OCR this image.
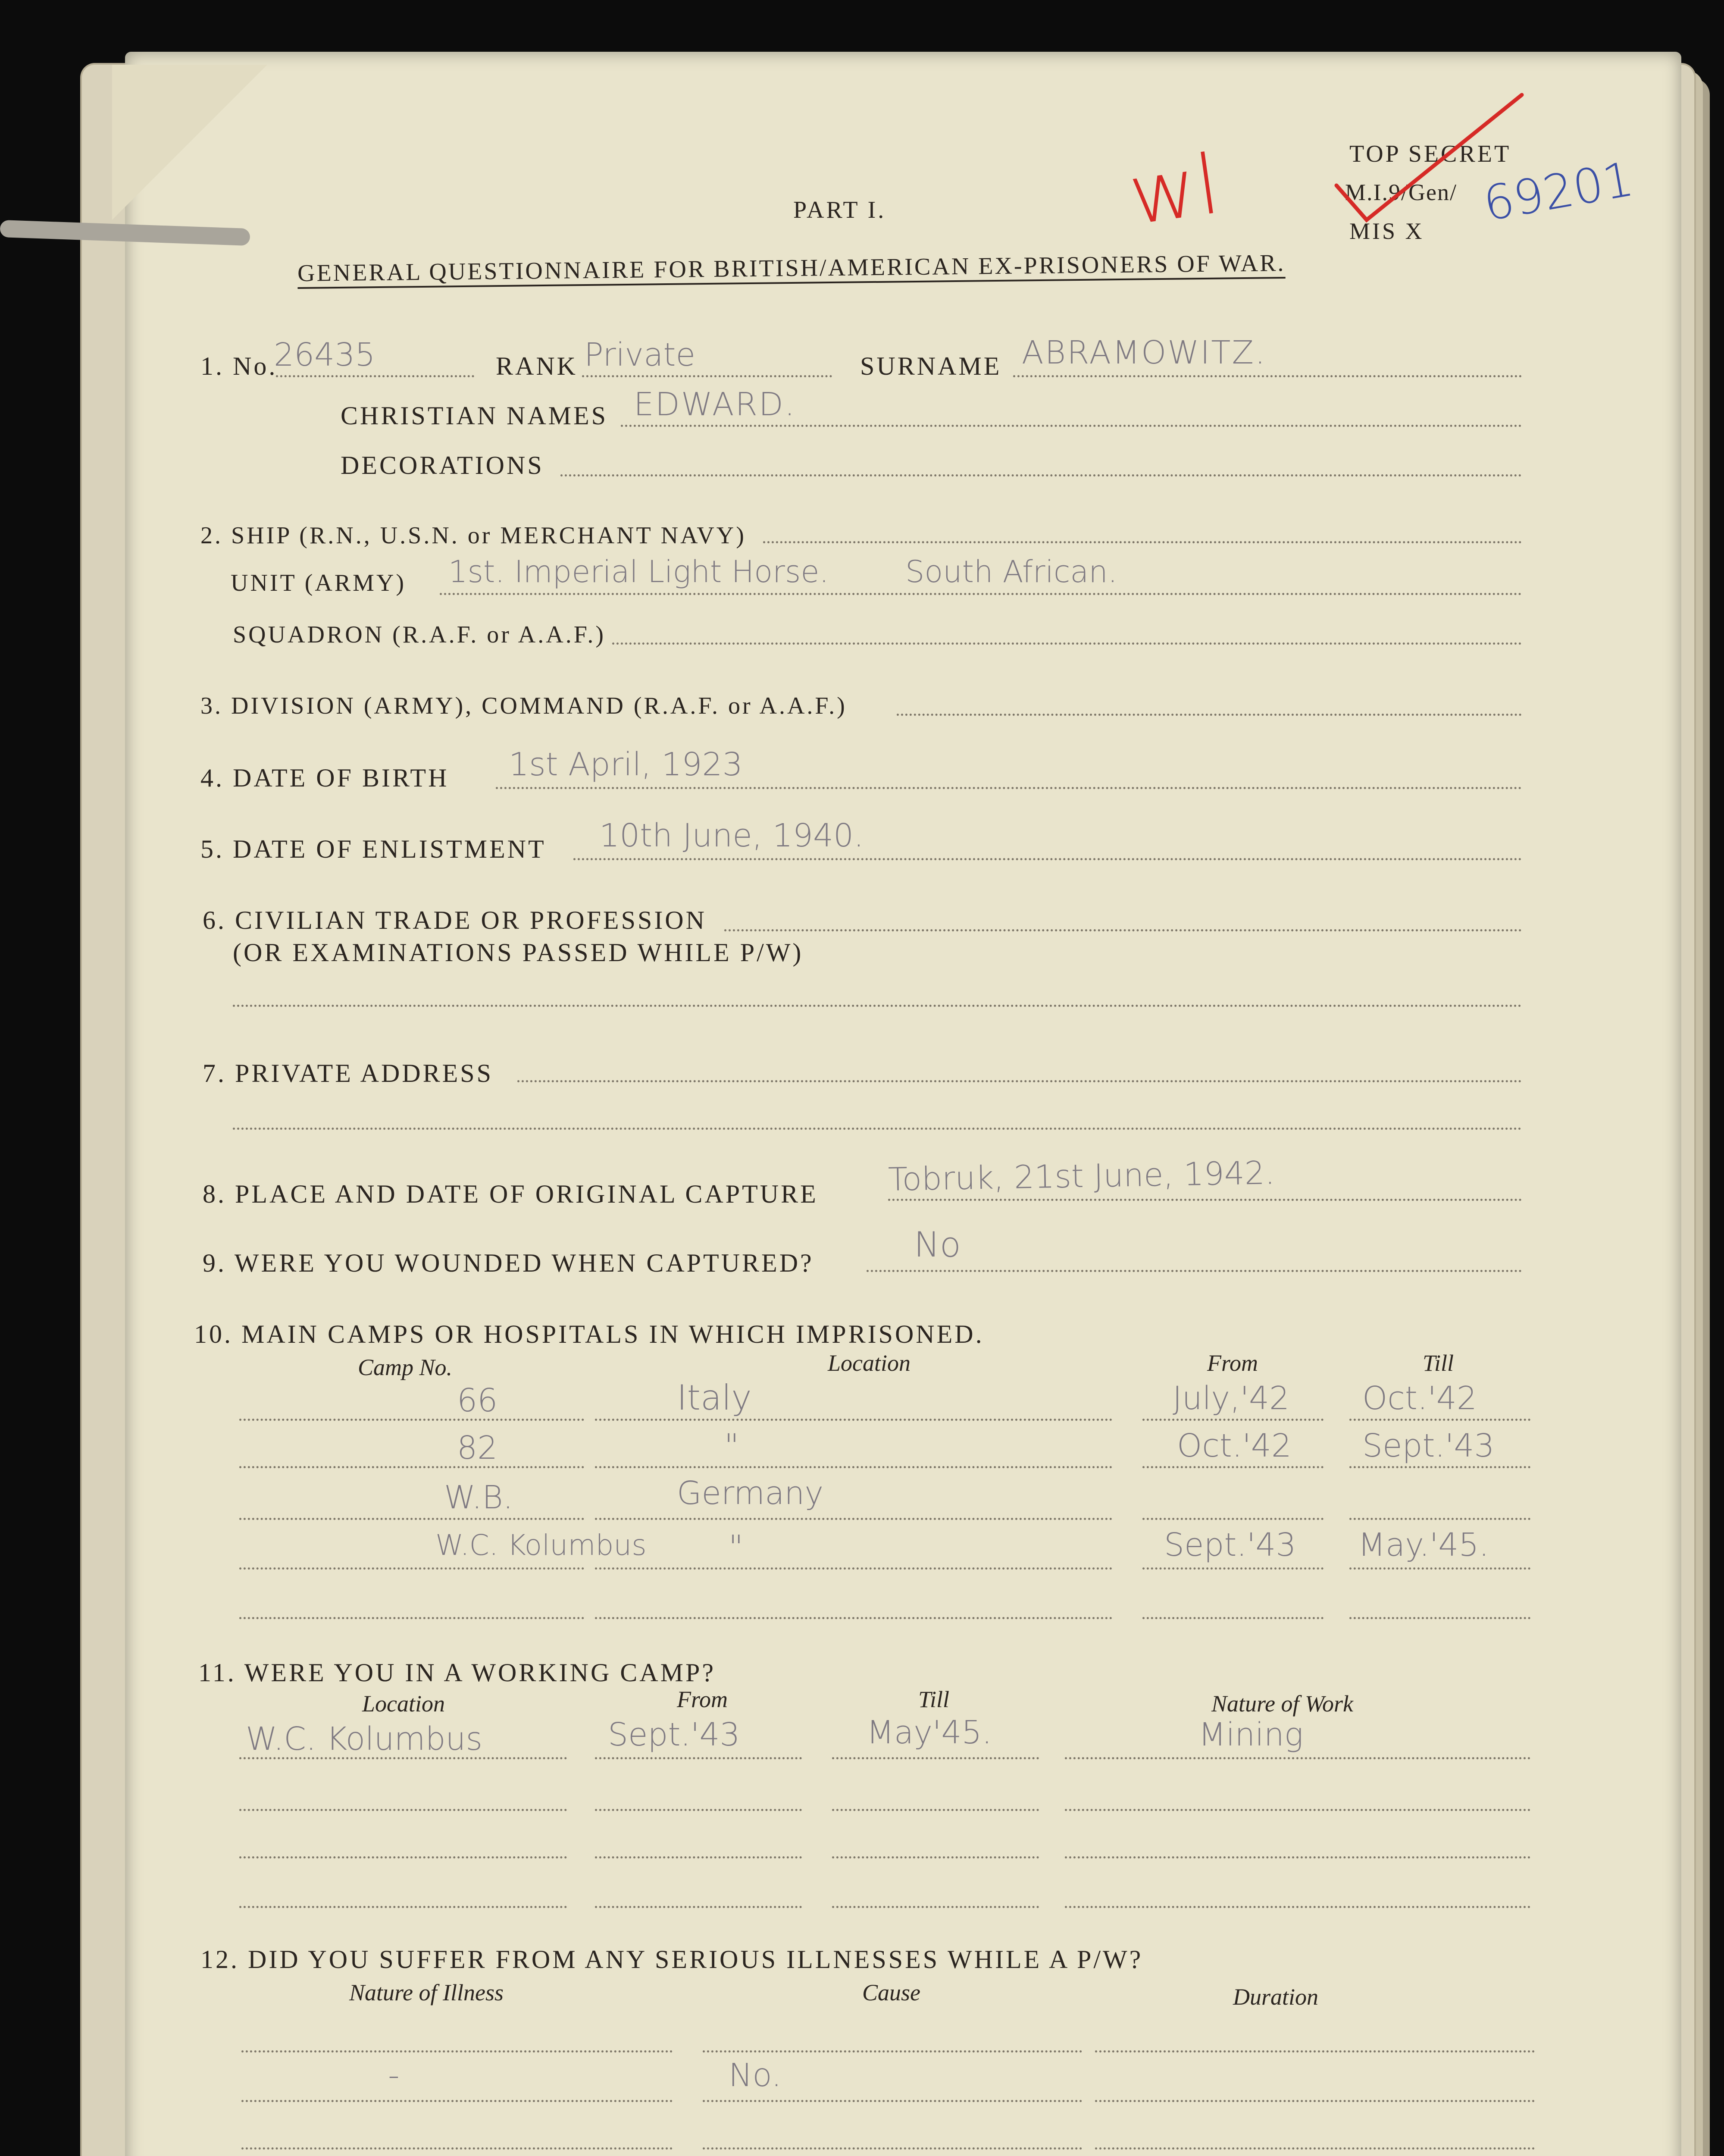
PART I.
GENERAL QUESTIONNAIRE FOR BRITISH/AMERICAN EX-PRISONERS OF WAR.
TOP SECRET
M.I.9/Gen/ 69201
MIS X
wl
1. No.
26435	RANK Private	SURNAME ABRAMOWITZ.
CHRISTIAN NAMES EDWARD.
DECORATIONS
2. SHIP (R.N., U.S.N. or MERCHANT NAVY)
UNIT (ARMY) 1st. Imperial Light Horse.	South African.
SQUADRON (R.A.F. or A.A.F.)
3. DIVISION (ARMY), COMMAND (R.A.F. or A.A.F.)
4. DATE OF BIRTH 1st April, 1923
5. DATE OF ENLISTMENT 10th June, 1940.
6. CIVILIAN TRADE OR PROFESSION
(OR EXAMINATIONS PASSED WHILE P/W)
7. PRIVATE ADDRESS
8. PLACE AND DATE OF ORIGINAL CAPTURE Tobruk, 21st June, 1942.
9. WERE YOU WOUNDED WHEN CAPTURED?	No
10. MAIN CAMPS OR HOSPITALS IN WHICH IMPRISONED.
Camp No.	Location	From	Till
66	Italy	July,'42 Oct.'42
82	"	Oct.'42 Sept.'43
W.B.	Germany
W.C. Kolumbus	"	Sept.'43 May.'45.
11. WERE YOU IN A WORKING CAMP?
Location	From	Till	Nature of Work
W.C. Kolumbus	Sept.'43	May'45.	Mining
12. DID YOU SUFFER FROM ANY SERIOUS ILLNESSES WHILE A P/W?
Nature of Illness	Cause	Duration
-	No.
